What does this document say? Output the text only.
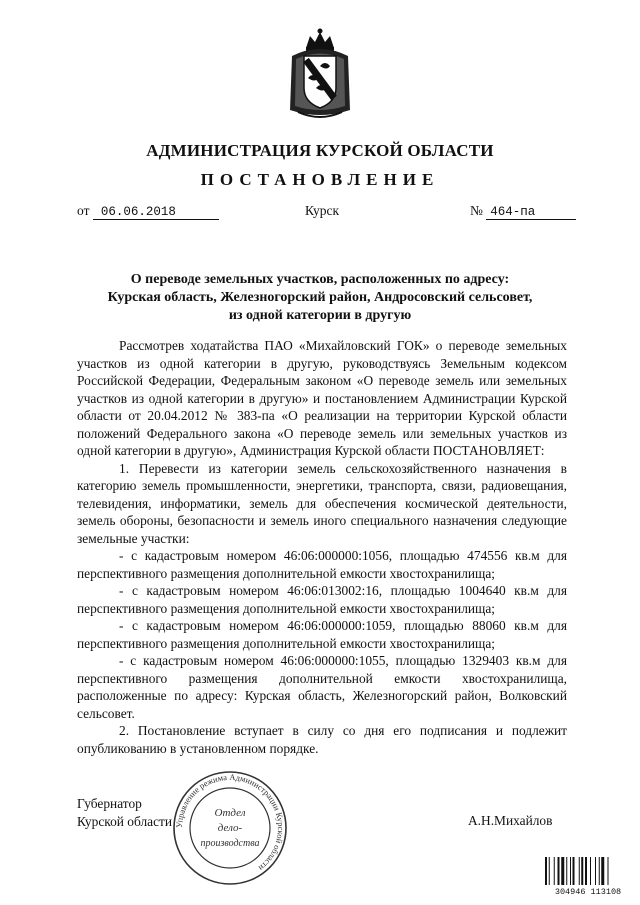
АДМИНИСТРАЦИЯ КУРСКОЙ ОБЛАСТИ
ПОСТАНОВЛЕНИЕ
от 06.06.2018	Курск	№ 464-па
О переводе земельных участков, расположенных по адресу:
Курская область, Железногорский район, Андросовский сельсовет,
из одной категории в другую

Рассмотрев ходатайства ПАО «Михайловский ГОК» о переводе земельных участков из одной категории в другую, руководствуясь Земельным кодексом Российской Федерации, Федеральным законом «О переводе земель или земельных участков из одной категории в другую» и постановлением Администрации Курской области от 20.04.2012 № 383-па «О реализации на территории Курской области положений Федерального закона «О переводе земель или земельных участков из одной категории в другую», Администрация Курской области ПОСТАНОВЛЯЕТ:

1. Перевести из категории земель сельскохозяйственного назначения в категорию земель промышленности, энергетики, транспорта, связи, радиовещания, телевидения, информатики, земель для обеспечения космической деятельности, земель обороны, безопасности и земель иного специального назначения следующие земельные участки:

- с кадастровым номером 46:06:000000:1056, площадью 474556 кв.м для перспективного размещения дополнительной емкости хвостохранилища;

- с кадастровым номером 46:06:013002:16, площадью 1004640 кв.м для перспективного размещения дополнительной емкости хвостохранилища;

- с кадастровым номером 46:06:000000:1059, площадью 88060 кв.м для перспективного размещения дополнительной емкости хвостохранилища;

- с кадастровым номером 46:06:000000:1055, площадью 1329403 кв.м для перспективного размещения дополнительной емкости хвостохранилища, расположенные по адресу: Курская область, Железногорский район, Волковский сельсовет.

2. Постановление вступает в силу со дня его подписания и подлежит опубликованию в установленном порядке.

Губернатор
Курской области	А.Н.Михайлов
Управление режима Администрации Курской области
Отдел
дело-
производства
304946 113108
